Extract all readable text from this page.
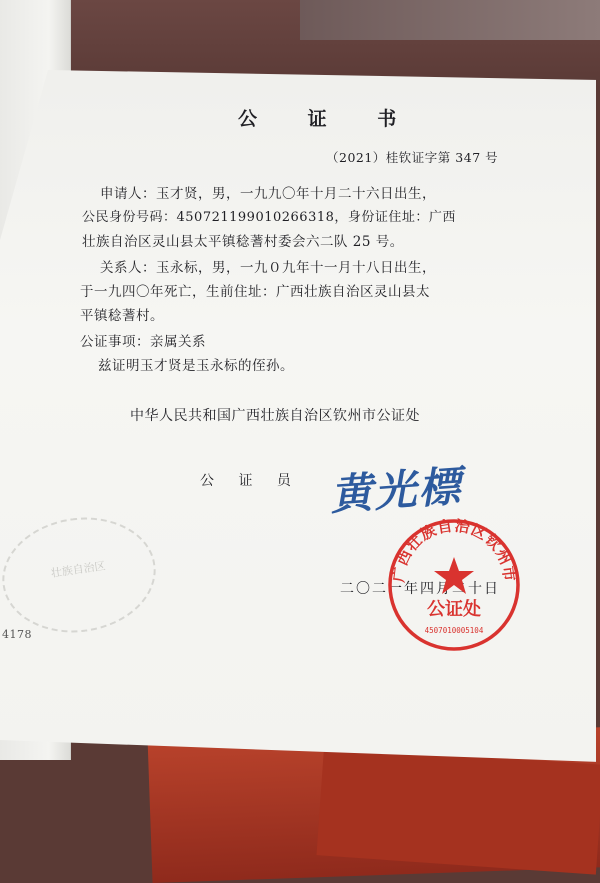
公 证 书
（2021）桂钦证字第 347 号
申请人：玉才贤，男，一九九〇年十月二十六日出生，
公民身份号码：450721199010266318，身份证住址：广西
壮族自治区灵山县太平镇稔蓍村委会六二队 25 号。
关系人：玉永标，男，一九０九年十一月十八日出生，
于一九四〇年死亡，生前住址：广西壮族自治区灵山县太
平镇稔蓍村。
公证事项：亲属关系
兹证明玉才贤是玉永标的侄孙。
中华人民共和国广西壮族自治区钦州市公证处
公 证 员 黄光標
壮族自治区
4178
二〇二一年四月二十日
广西壮族自治区钦州市
公证处
4507010005104
